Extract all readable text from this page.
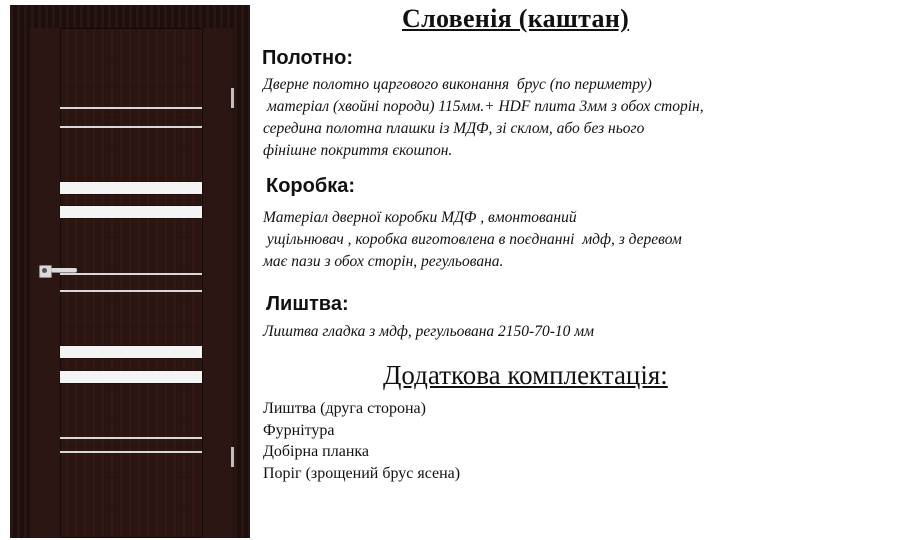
Словенія (каштан)
Полотно:
Дверне полотно царгового виконання  брус (по периметру)
матеріал (хвойні породи) 115мм.+ HDF плита 3мм з обох сторін,
середина полотна плашки із МДФ, зі склом, або без нього
фінішне покриття єкошпон.
Коробка:
Матеріал дверної коробки МДФ , вмонтований
ущільнювач , коробка виготовлена в поєднанні  мдф, з деревом
має пази з обох сторін, регульована.
Лиштва:
Лиштва гладка з мдф, регульована 2150-70-10 мм
Додаткова комплектація:
Лиштва (друга сторона)
Фурнітура
Добірна планка
Поріг (зрощений брус ясена)
